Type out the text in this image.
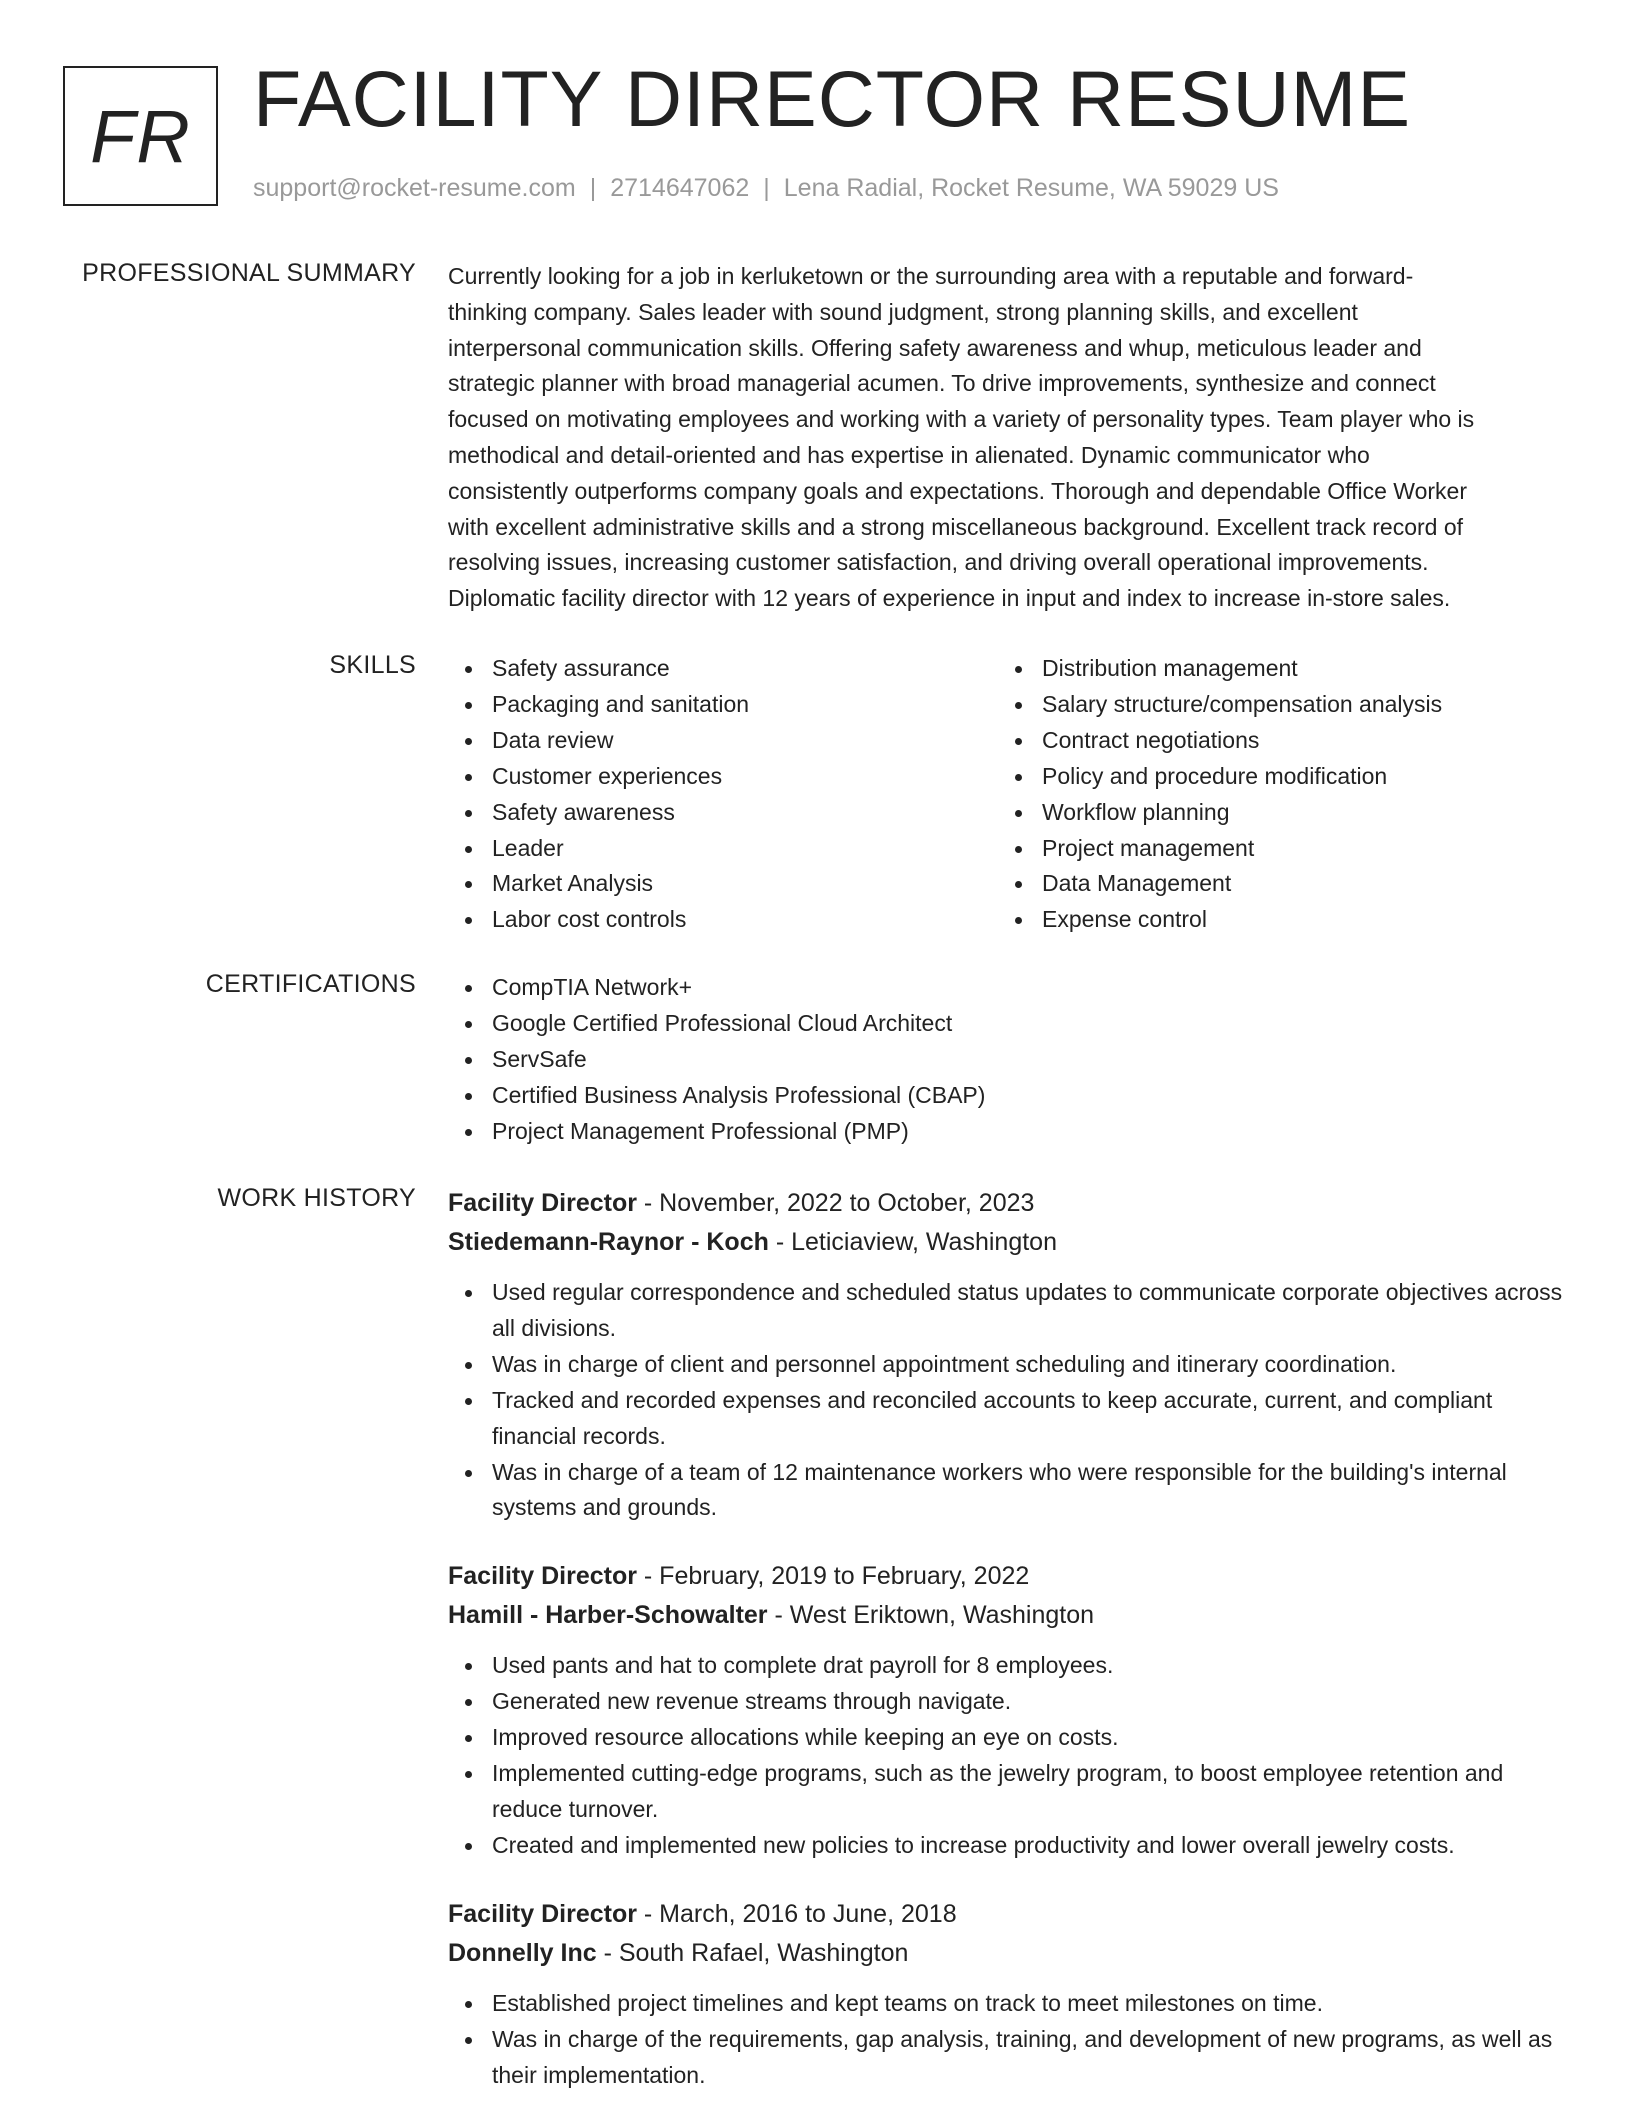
FR FACILITY DIRECTOR RESUME
support@rocket-resume.com | 2714647062 | Lena Radial, Rocket Resume, WA 59029 US
PROFESSIONAL SUMMARY Currently looking for a job in kerluketown or the surrounding area with a reputable and forward-
thinking company. Sales leader with sound judgment, strong planning skills, and excellent
interpersonal communication skills. Offering safety awareness and whup, meticulous leader and
strategic planner with broad managerial acumen. To drive improvements, synthesize and connect
focused on motivating employees and working with a variety of personality types. Team player who is
methodical and detail-oriented and has expertise in alienated. Dynamic communicator who
consistently outperforms company goals and expectations. Thorough and dependable Office Worker
with excellent administrative skills and a strong miscellaneous background. Excellent track record of
resolving issues, increasing customer satisfaction, and driving overall operational improvements.
Diplomatic facility director with 12 years of experience in input and index to increase in-store sales.

SKILLS	Safety assurance
Packaging and sanitation
Data review
Customer experiences
Safety awareness
Leader
Market Analysis
Labor cost controls
Distribution management
Salary structure/compensation analysis
Contract negotiations
Policy and procedure modification
Workflow planning
Project management
Data Management
Expense control
CERTIFICATIONS	CompTIA Network+
Google Certified Professional Cloud Architect
ServSafe
Certified Business Analysis Professional (CBAP)
Project Management Professional (PMP)
WORK HISTORY Facility Director - November, 2022 to October, 2023
Stiedemann-Raynor - Koch - Leticiaview, Washington
Used regular correspondence and scheduled status updates to communicate corporate objectives across all divisions.
Was in charge of client and personnel appointment scheduling and itinerary coordination.
Tracked and recorded expenses and reconciled accounts to keep accurate, current, and compliant financial records.
Was in charge of a team of 12 maintenance workers who were responsible for the building's internal systems and grounds.
Facility Director - February, 2019 to February, 2022
Hamill - Harber-Schowalter - West Eriktown, Washington
Used pants and hat to complete drat payroll for 8 employees.
Generated new revenue streams through navigate.
Improved resource allocations while keeping an eye on costs.
Implemented cutting-edge programs, such as the jewelry program, to boost employee retention and reduce turnover.
Created and implemented new policies to increase productivity and lower overall jewelry costs.
Facility Director - March, 2016 to June, 2018
Donnelly Inc - South Rafael, Washington
Established project timelines and kept teams on track to meet milestones on time.
Was in charge of the requirements, gap analysis, training, and development of new programs, as well as their implementation.
